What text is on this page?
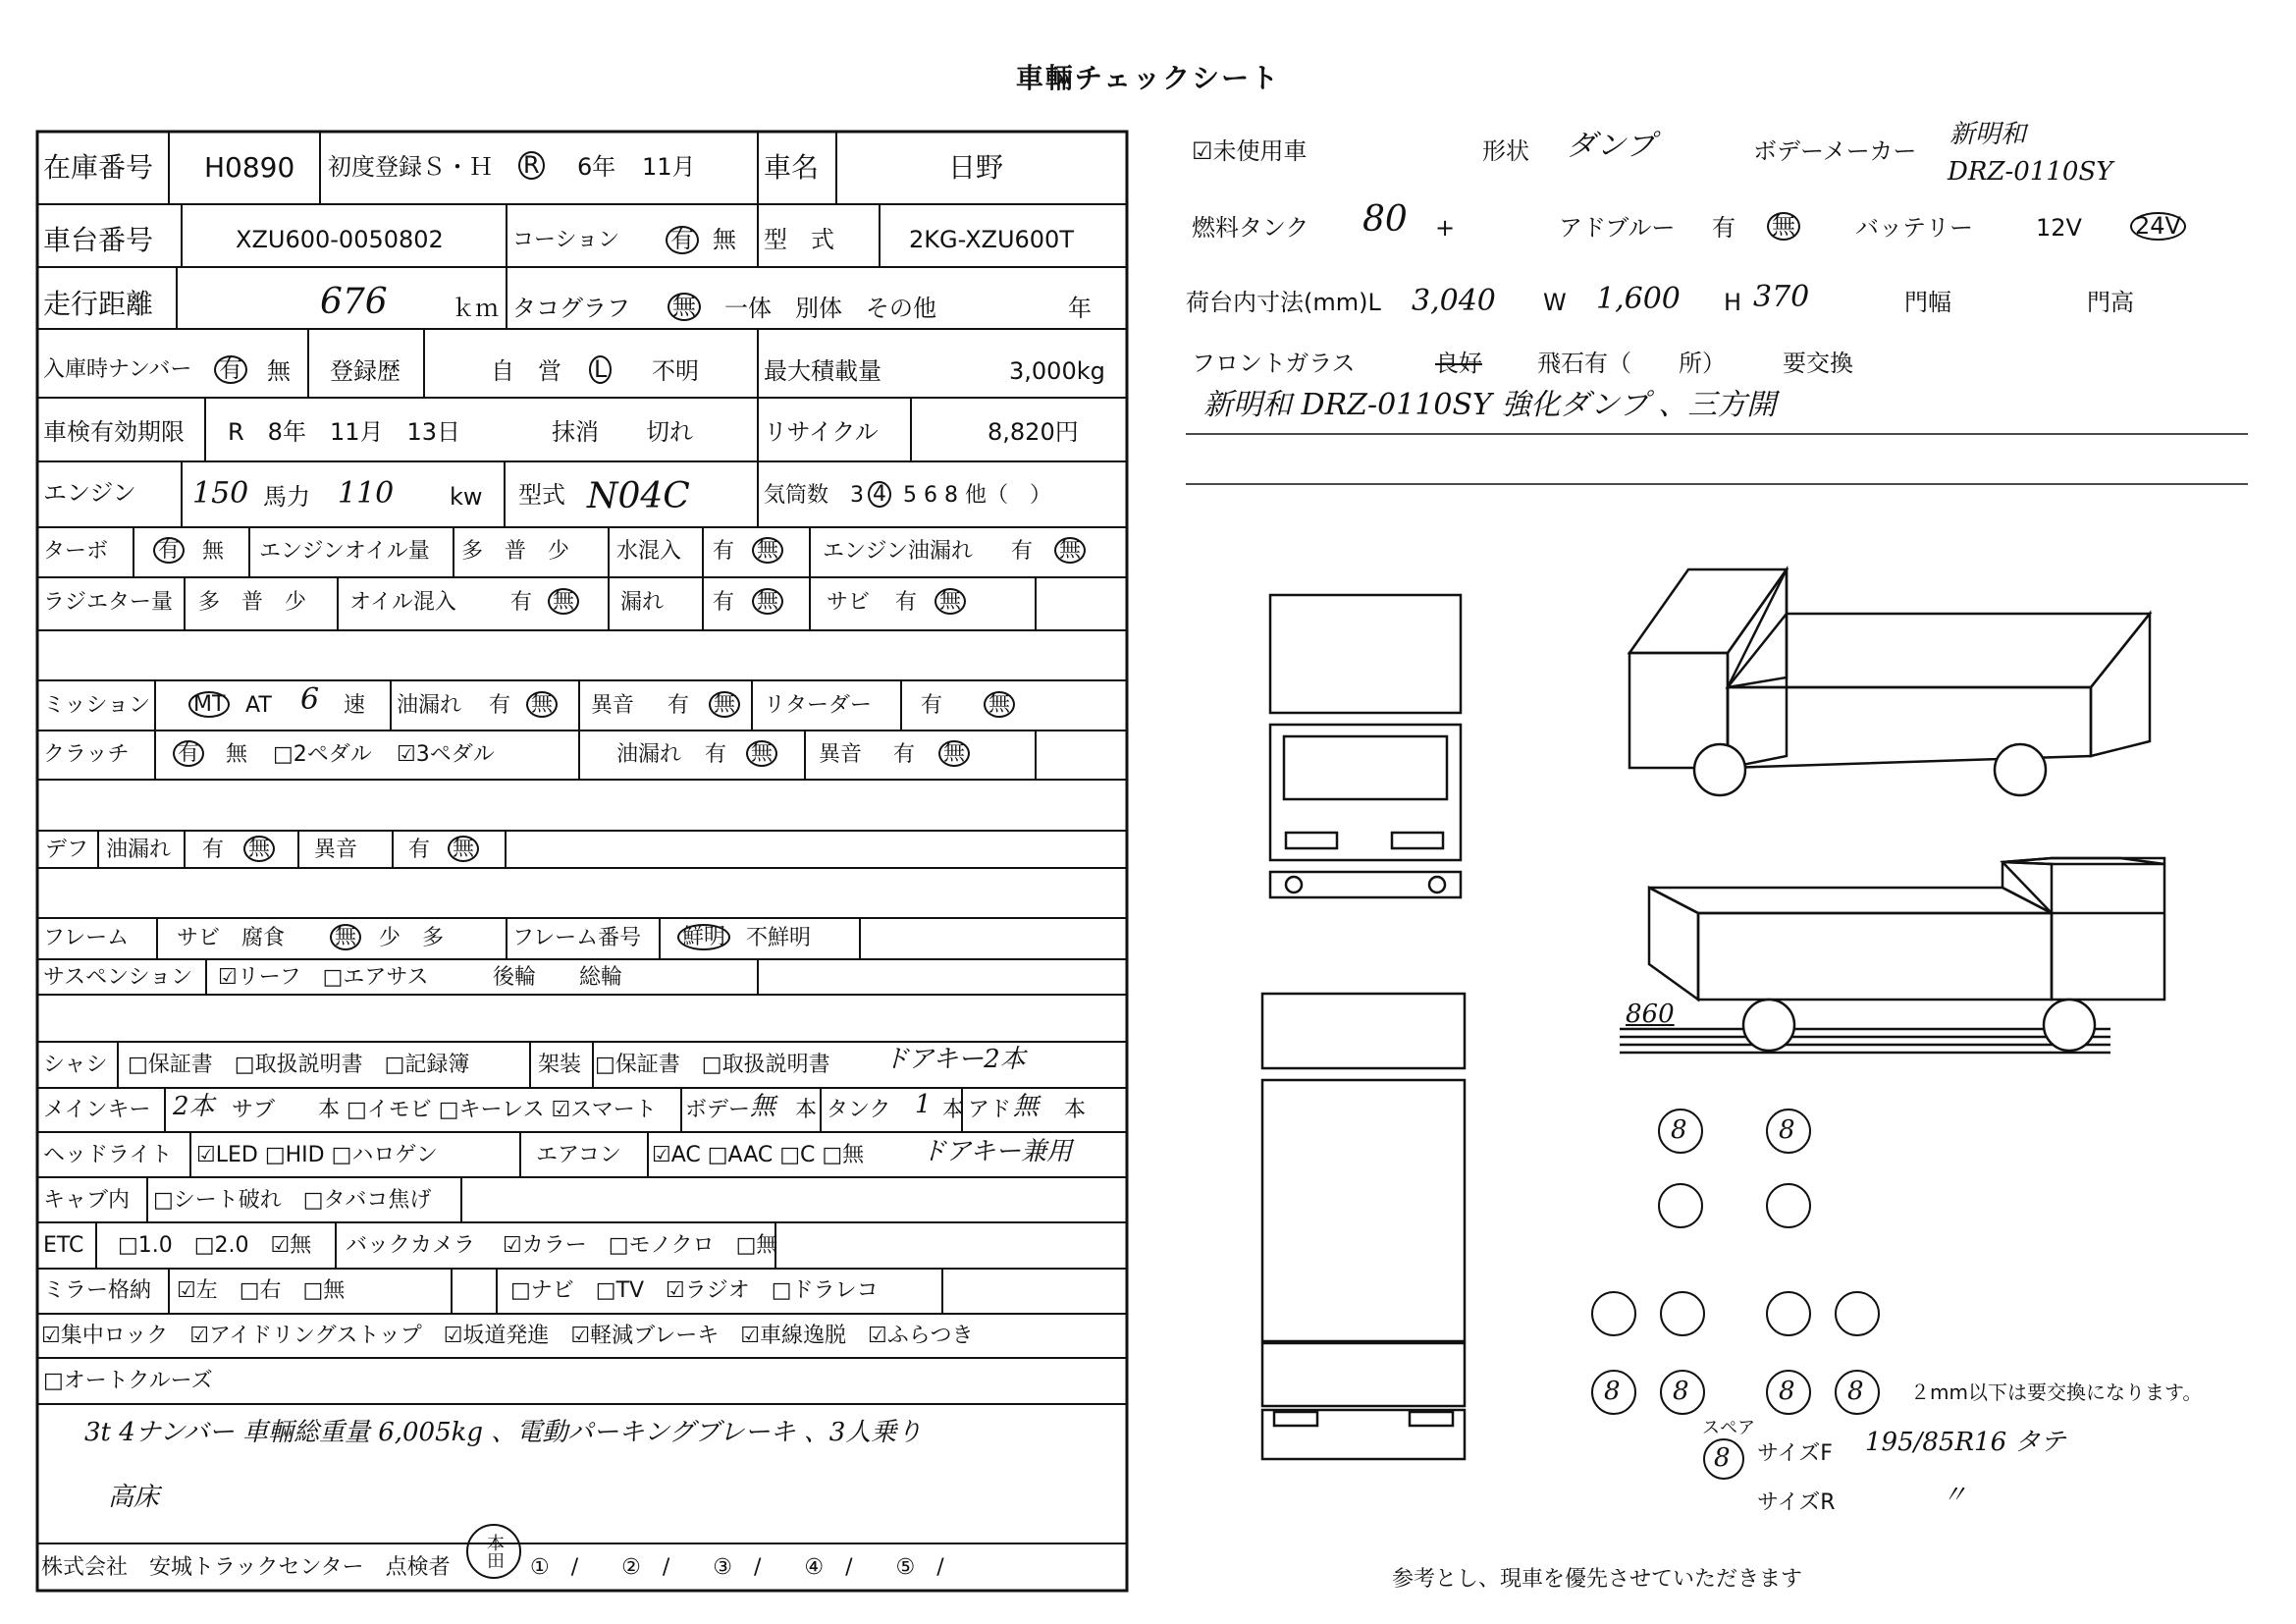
車輛チェックシート
在庫番号 H0890 初度登録Ｓ・Ｈ R 6年 11月 車名	日野
車台番号	XZU600-0050802	コーション 有 無 型　式	2KG-XZU600T
走行距離	676	ｋｍ タコグラフ 無 一体　別体　その他	年
入庫時ナンバー 有 無 登録歴	自　営 L 不明	最大積載量	3,000kg
車検有効期限 R　8年　11月　13日	抹消　　切れ	リサイクル	8,820円
エンジン 150 馬力 110 kw 型式 N04C	気筒数 3 4 5 6 8 他（　）
ターボ 有 無 エンジンオイル量 多　普　少 水混入 有 無 エンジン油漏れ 有 無
ラジエター量 多　普　少 オイル混入	有 無 漏れ 有 無 サビ 有 無
ミッション MT AT 6 速 油漏れ 有 無 異音 有 無 リターダー 有 無
クラッチ 有 無 □2ペダル ☑3ペダル	油漏れ 有 無 異音 有 無
デフ 油漏れ 有 無 異音 有 無
フレーム サビ　腐食 無 少　多	フレーム番号 鮮明 不鮮明
サスペンション ☑リーフ　□エアサス	後輪　　総輪
シャシ □保証書　□取扱説明書　□記録簿	架装 □保証書　□取扱説明書 ドアキー2本
メインキー 2本 サブ 本 □イモビ □キーレス ☑スマート ボデー 無 本 タンク 1 本 アド 無 本
ヘッドライト ☑LED □HID □ハロゲン	エアコン ☑AC □AAC □C □無 ドアキー兼用
キャブ内 □シート破れ　□タバコ焦げ
ETC □1.0　□2.0　☑無 バックカメラ ☑カラー　□モノクロ　□無
ミラー格納 ☑左　□右　□無	□ナビ　□TV　☑ラジオ　□ドラレコ
☑集中ロック　☑アイドリングストップ　☑坂道発進　☑軽減ブレーキ　☑車線逸脱　☑ふらつき
□オートクルーズ
3t 4ナンバー 車輛総重量 6,005kg 、電動パーキングブレーキ 、3人乗り
高床
株式会社　安城トラックセンター　点検者	本田	①　/　　②　/　　③　/　　④　/　　⑤　/
☑未使用車	形状 ダンプ	ボデーメーカー
新明和
DRZ-0110SY
燃料タンク 80 +	アドブルー 有 無	バッテリー	12V 24V
荷台内寸法(mm)L 3,040 W 1,600 H 370	門幅	門高
フロントガラス	良好 飛石有（　　所） 要交換
新明和 DRZ-0110SY 強化ダンプ 、三方開
860
8	8
8 8	8 8 ２mm以下は要交換になります。
スペア
8 サイズF 195/85R16 タテ
サイズR	〃
参考とし、現車を優先させていただきます
